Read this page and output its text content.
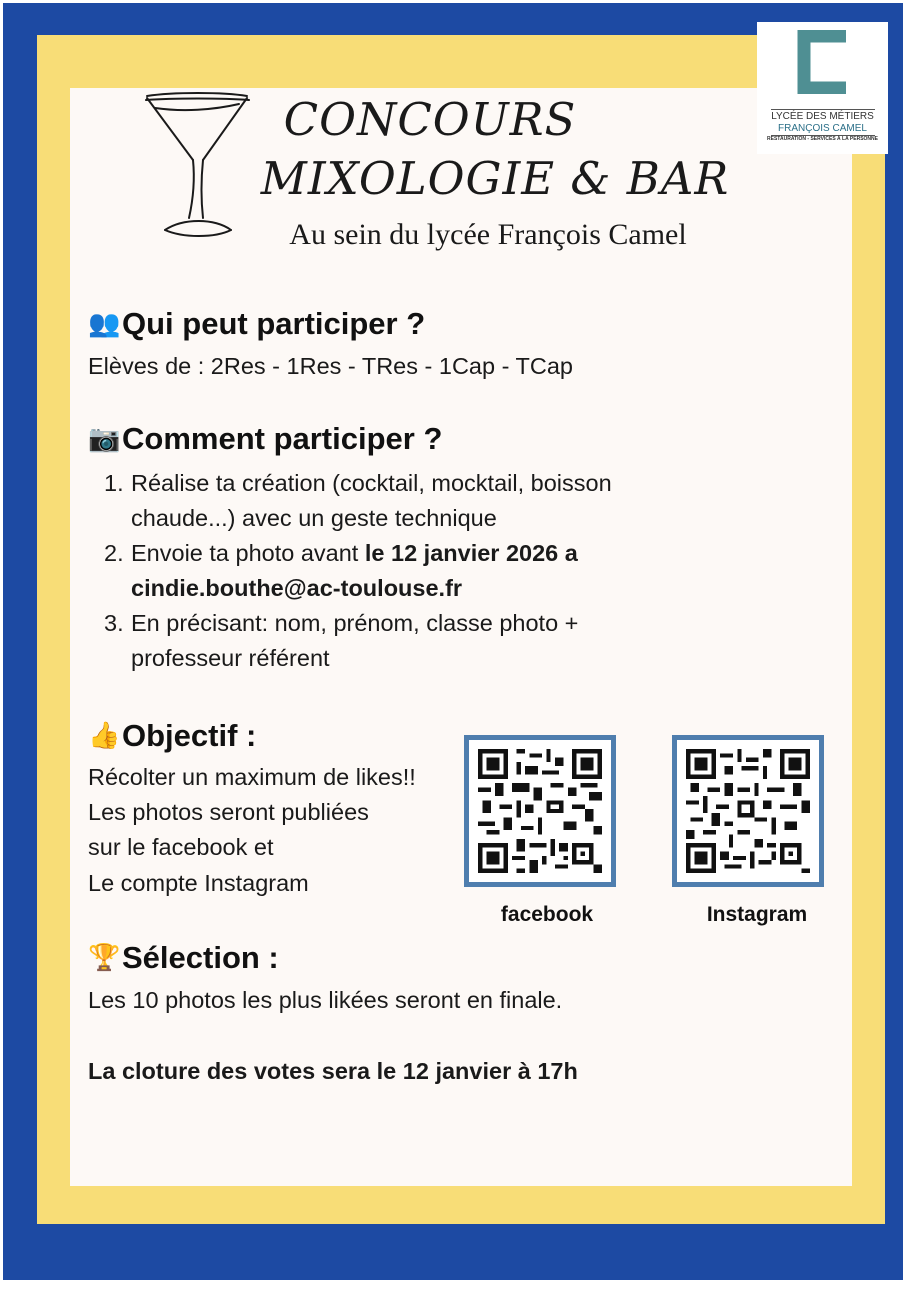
LYCÉE DES MÉTIERS
FRANÇOIS CAMEL
RESTAURATION - SERVICES À LA PERSONNE
CONCOURS
MIXOLOGIE & BAR
Au sein du lycée François Camel
👥Qui peut participer ?
Elèves de : 2Res - 1Res - TRes - 1Cap - TCap
📷Comment participer ?
1. Réalise ta création (cocktail, mocktail, boisson
chaude...) avec un geste technique
2. Envoie ta photo avant le 12 janvier 2026 a
cindie.bouthe@ac-toulouse.fr
3. En précisant: nom, prénom, classe photo +
professeur référent
👍Objectif :
Récolter un maximum de likes!!
Les photos seront publiées
sur le facebook et
Le compte Instagram
facebook	Instagram
🏆Sélection :
Les 10 photos les plus likées seront en finale.
La cloture des votes sera le 12 janvier à 17h
